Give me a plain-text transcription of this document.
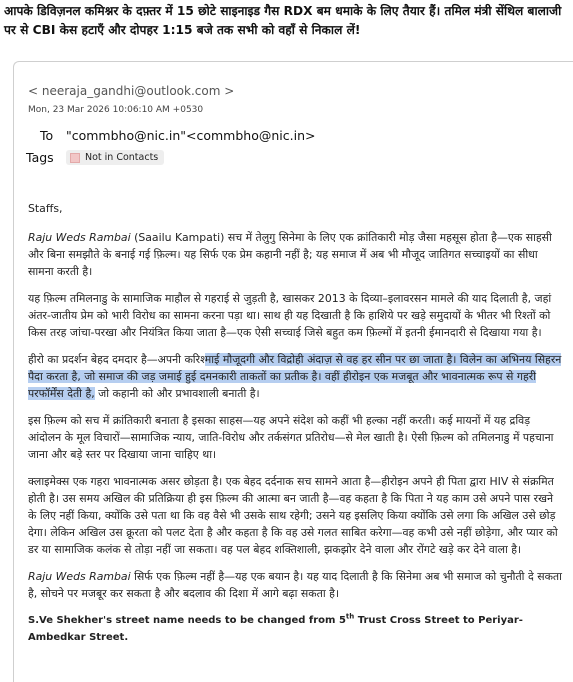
आपके डिविज़नल कमिश्नर के दफ़्तर में 15 छोटे साइनाइड गैस RDX बम धमाके के लिए तैयार हैं। तमिल मंत्री सेंथिल बालाजी पर से CBI केस हटाएँ और दोपहर 1:15 बजे तक सभी को वहाँ से निकाल लें!
< neeraja_gandhi@outlook.com >
Mon, 23 Mar 2026 10:06:10 AM +0530
To "commbho@nic.in"<commbho@nic.in>
Tags	Not in Contacts

Staffs,

Raju Weds Rambai (Saailu Kampati) सच में तेलुगु सिनेमा के लिए एक क्रांतिकारी मोड़ जैसा महसूस होता है—एक साहसी और बिना समझौते के बनाई गई फ़िल्म। यह सिर्फ एक प्रेम कहानी नहीं है; यह समाज में अब भी मौजूद जातिगत सच्चाइयों का सीधा सामना करती है।

यह फ़िल्म तमिलनाडु के सामाजिक माहौल से गहराई से जुड़ती है, खासकर 2013 के दिव्या–इलावरसन मामले की याद दिलाती है, जहां अंतर-जातीय प्रेम को भारी विरोध का सामना करना पड़ा था। साथ ही यह दिखाती है कि हाशिये पर खड़े समुदायों के भीतर भी रिश्तों को किस तरह जांचा-परखा और नियंत्रित किया जाता है—एक ऐसी सच्चाई जिसे बहुत कम फ़िल्मों में इतनी ईमानदारी से दिखाया गया है।

हीरो का प्रदर्शन बेहद दमदार है—अपनी करिश्माई मौजूदगी और विद्रोही अंदाज़ से वह हर सीन पर छा जाता है। विलेन का अभिनय सिहरन पैदा करता है, जो समाज की जड़ जमाई हुई दमनकारी ताकतों का प्रतीक है। वहीं हीरोइन एक मजबूत और भावनात्मक रूप से गहरी परफॉर्मेंस देती है, जो कहानी को और प्रभावशाली बनाती है।

इस फ़िल्म को सच में क्रांतिकारी बनाता है इसका साहस—यह अपने संदेश को कहीं भी हल्का नहीं करती। कई मायनों में यह द्रविड़ आंदोलन के मूल विचारों—सामाजिक न्याय, जाति-विरोध और तर्कसंगत प्रतिरोध—से मेल खाती है। ऐसी फ़िल्म को तमिलनाडु में पहचाना जाना और बड़े स्तर पर दिखाया जाना चाहिए था।

क्लाइमेक्स एक गहरा भावनात्मक असर छोड़ता है। एक बेहद दर्दनाक सच सामने आता है—हीरोइन अपने ही पिता द्वारा HIV से संक्रमित होती है। उस समय अखिल की प्रतिक्रिया ही इस फ़िल्म की आत्मा बन जाती है—वह कहता है कि पिता ने यह काम उसे अपने पास रखने के लिए नहीं किया, क्योंकि उसे पता था कि वह वैसे भी उसके साथ रहेगी; उसने यह इसलिए किया क्योंकि उसे लगा कि अखिल उसे छोड़ देगा। लेकिन अखिल उस क्रूरता को पलट देता है और कहता है कि वह उसे गलत साबित करेगा—वह कभी उसे नहीं छोड़ेगा, और प्यार को डर या सामाजिक कलंक से तोड़ा नहीं जा सकता। वह पल बेहद शक्तिशाली, झकझोर देने वाला और रोंगटे खड़े कर देने वाला है।

Raju Weds Rambai सिर्फ एक फ़िल्म नहीं है—यह एक बयान है। यह याद दिलाती है कि सिनेमा अब भी समाज को चुनौती दे सकता है, सोचने पर मजबूर कर सकता है और बदलाव की दिशा में आगे बढ़ा सकता है।

S.Ve Shekher's street name needs to be changed from 5th Trust Cross Street to Periyar-Ambedkar Street.
